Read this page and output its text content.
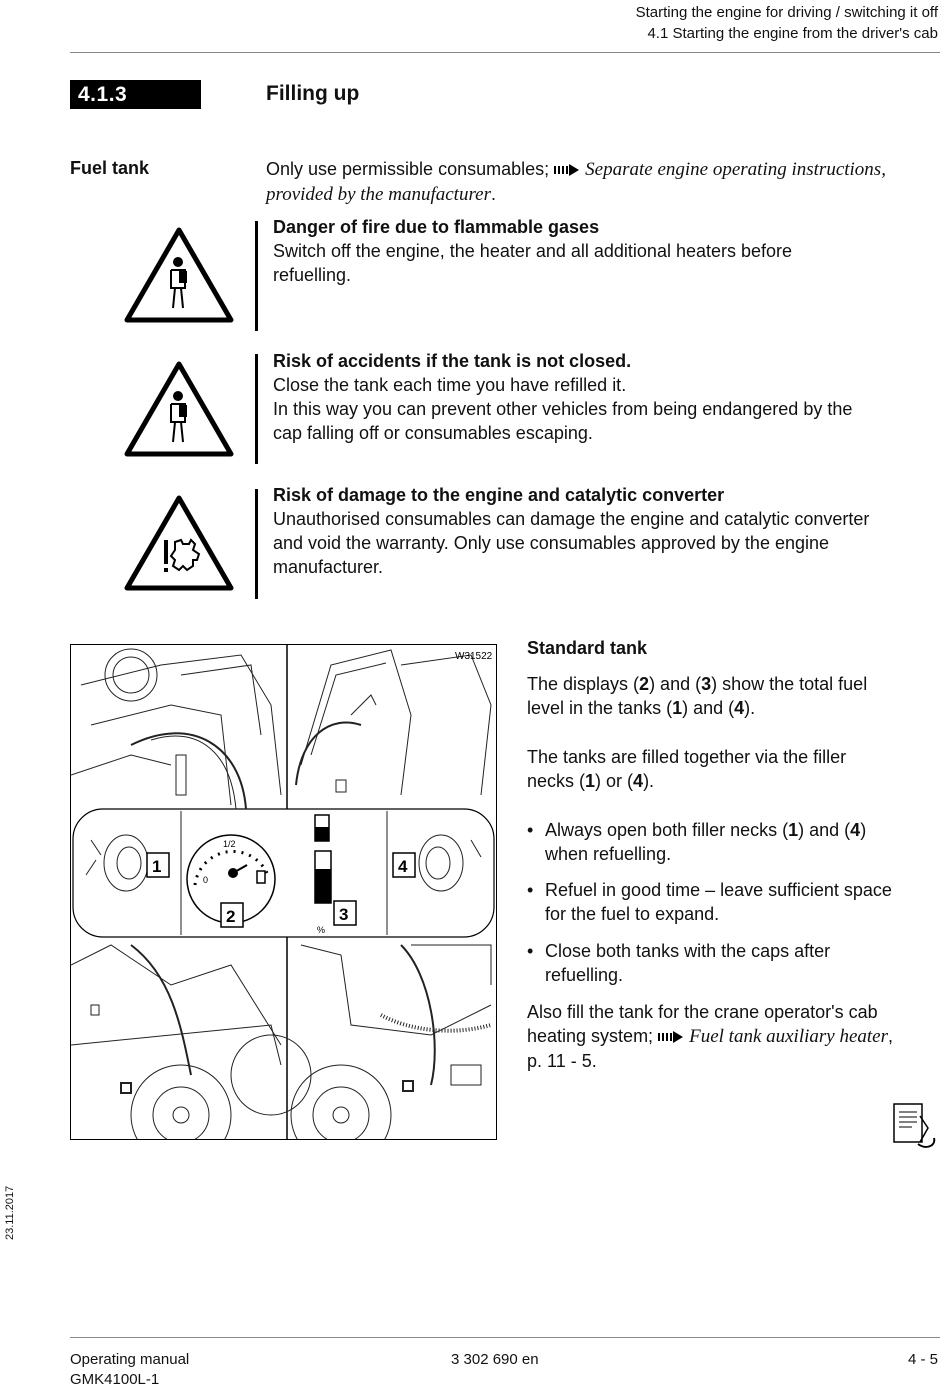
Starting the engine for driving / switching it off
4.1 Starting the engine from the driver's cab
4.1.3	Filling up
Fuel tank	Only use permissible consumables; Separate engine operating instructions,
provided by the manufacturer.
Danger of fire due to flammable gases
Switch off the engine, the heater and all additional heaters before
refuelling.
Risk of accidents if the tank is not closed.
Close the tank each time you have refilled it.
In this way you can prevent other vehicles from being endangered by the
cap falling off or consumables escaping.
Risk of damage to the engine and catalytic converter
Unauthorised consumables can damage the engine and catalytic converter
and void the warranty. Only use consumables approved by the engine
manufacturer.
W31522
1/2
0
%
1
2	3
4
Standard tank
The displays (2) and (3) show the total fuel
level in the tanks (1) and (4).
The tanks are filled together via the filler
necks (1) or (4).
• Always open both filler necks (1) and (4)
when refuelling.
• Refuel in good time – leave sufficient space
for the fuel to expand.
• Close both tanks with the caps after
refuelling.
Also fill the tank for the crane operator's cab
heating system; Fuel tank auxiliary heater,
p. 11 - 5.
23.11.2017
Operating manual
GMK4100L-1
3 302 690 en	4 - 5
